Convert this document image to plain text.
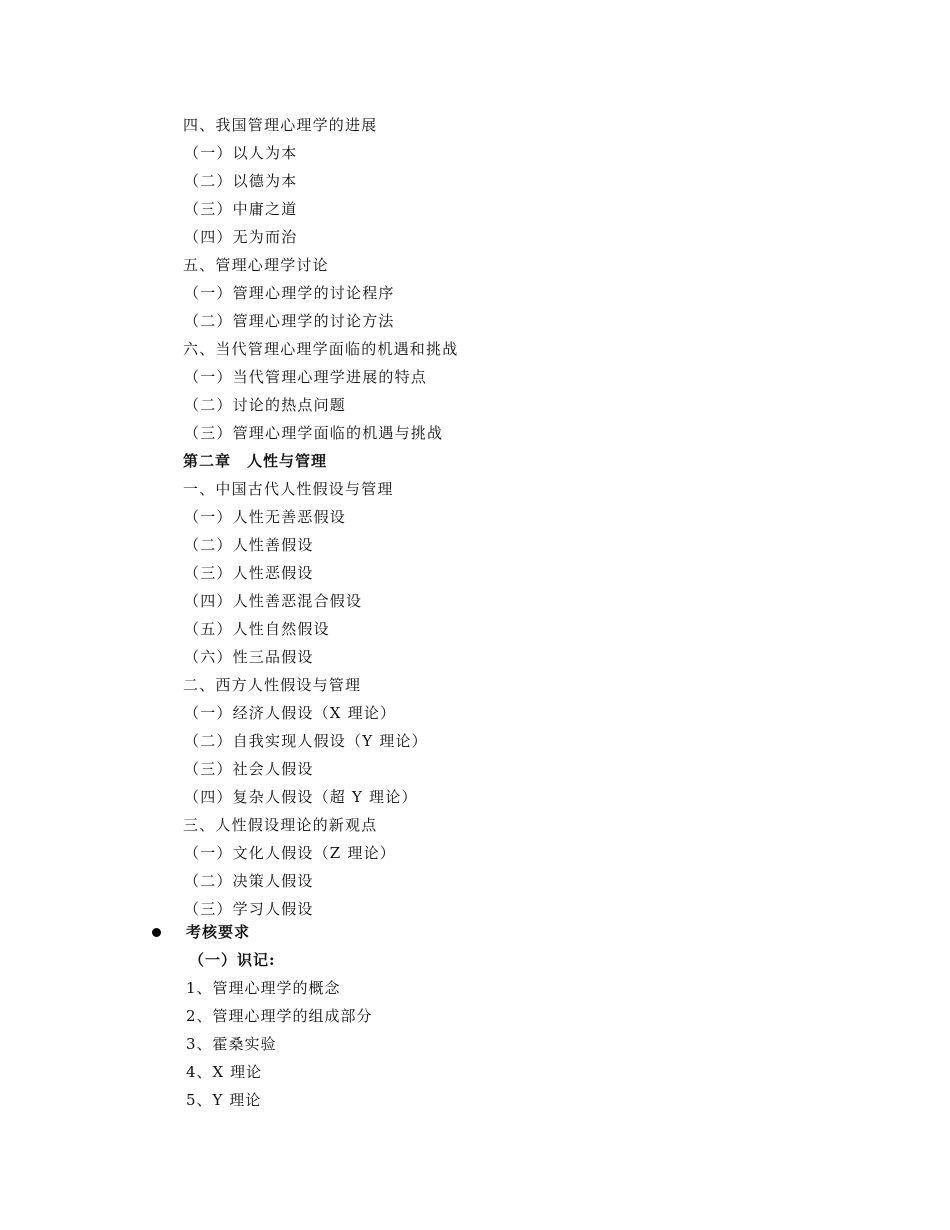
四、我国管理心理学的进展
（一）以人为本
（二）以德为本
（三）中庸之道
（四）无为而治
五、管理心理学讨论
（一）管理心理学的讨论程序
（二）管理心理学的讨论方法
六、当代管理心理学面临的机遇和挑战
（一）当代管理心理学进展的特点
（二）讨论的热点问题
（三）管理心理学面临的机遇与挑战
第二章　人性与管理
一、中国古代人性假设与管理
（一）人性无善恶假设
（二）人性善假设
（三）人性恶假设
（四）人性善恶混合假设
（五）人性自然假设
（六）性三品假设
二、西方人性假设与管理
（一）经济人假设（X 理论）
（二）自我实现人假设（Y 理论）
（三）社会人假设
（四）复杂人假设（超 Y 理论）
三、人性假设理论的新观点
（一）文化人假设（Z 理论）
（二）决策人假设
（三）学习人假设
考核要求
（一）识记:
1、管理心理学的概念
2、管理心理学的组成部分
3、霍桑实验
4、X 理论
5、Y 理论
